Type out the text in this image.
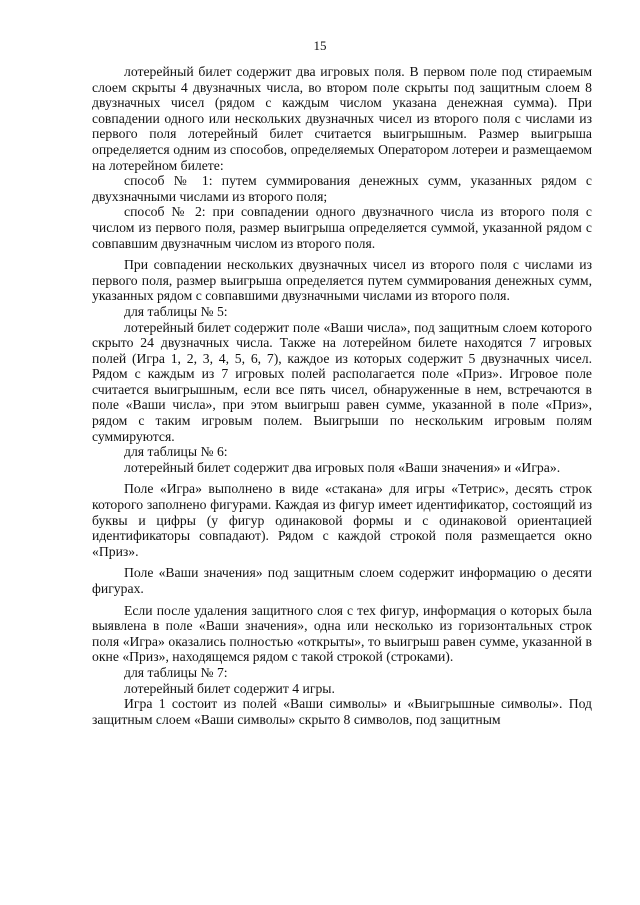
15

лотерейный билет содержит два игровых поля. В первом поле под стираемым слоем скрыты 4 двузначных числа, во втором поле скрыты под защитным слоем 8 двузначных чисел (рядом с каждым числом указана денежная сумма). При совпадении одного или нескольких двузначных чисел из второго поля с числами из первого поля лотерейный билет считается выигрышным. Размер выигрыша определяется одним из способов, определяемых Оператором лотереи и размещаемом на лотерейном билете:

способ № 1: путем суммирования денежных сумм, указанных рядом с двухзначными числами из второго поля;

способ № 2: при совпадении одного двузначного числа из второго поля с числом из первого поля, размер выигрыша определяется суммой, указанной рядом с совпавшим двузначным числом из второго поля.

При совпадении нескольких двузначных чисел из второго поля с числами из первого поля, размер выигрыша определяется путем суммирования денежных сумм, указанных рядом с совпавшими двузначными числами из второго поля.

для таблицы № 5:

лотерейный билет содержит поле «Ваши числа», под защитным слоем которого скрыто 24 двузначных числа. Также на лотерейном билете находятся 7 игровых полей (Игра 1, 2, 3, 4, 5, 6, 7), каждое из которых содержит 5 двузначных чисел. Рядом с каждым из 7 игровых полей располагается поле «Приз». Игровое поле считается выигрышным, если все пять чисел, обнаруженные в нем, встречаются в поле «Ваши числа», при этом выигрыш равен сумме, указанной в поле «Приз», рядом с таким игровым полем. Выигрыши по нескольким игровым полям суммируются.

для таблицы № 6:

лотерейный билет содержит два игровых поля «Ваши значения» и «Игра».

Поле «Игра» выполнено в виде «стакана» для игры «Тетрис», десять строк которого заполнено фигурами. Каждая из фигур имеет идентификатор, состоящий из буквы и цифры (у фигур одинаковой формы и с одинаковой ориентацией идентификаторы совпадают). Рядом с каждой строкой поля размещается окно «Приз».

Поле «Ваши значения» под защитным слоем содержит информацию о десяти фигурах.

Если после удаления защитного слоя с тех фигур, информация о которых была выявлена в поле «Ваши значения», одна или несколько из горизонтальных строк поля «Игра» оказались полностью «открыты», то выигрыш равен сумме, указанной в окне «Приз», находящемся рядом с такой строкой (строками).

для таблицы № 7:

лотерейный билет содержит 4 игры.

Игра 1 состоит из полей «Ваши символы» и «Выигрышные символы». Под защитным слоем «Ваши символы» скрыто 8 символов, под защитным
